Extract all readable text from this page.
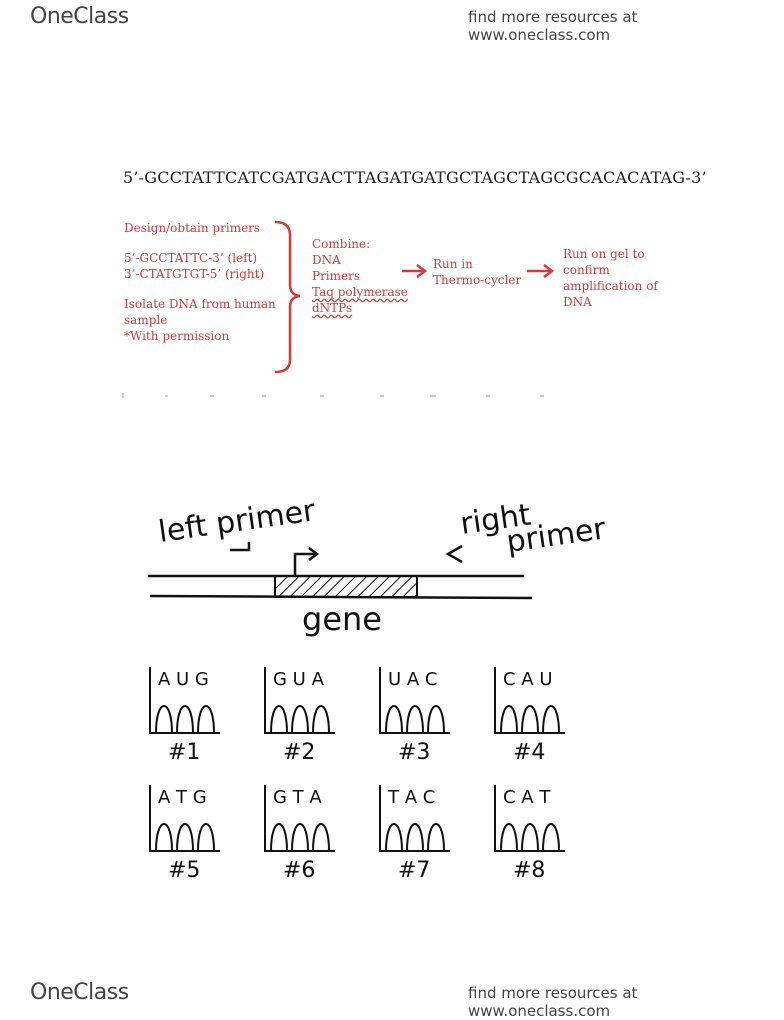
OneClass	find more resources at www.oneclass.com
5’-GCCTATTCATCGATGACTTAGATGATGCTAGCTAGCGCACACATAG-3’
Design/obtain primers
5’-GCCTATTC-3’ (left)
3’-CTATGTGT-5’ (right)
Isolate DNA from human
sample
*With permission
Combine:
DNA
Primers
Taq polymerase
dNTPs
Run in
Thermo-cycler
Run on gel to
confirm
amplification of
DNA
left primer	right
primer
gene
A U G
#1
G U A
#2
U A C
#3
C A U
#4
A T G
#5
G T A
#6
T A C
#7
C A T
#8
OneClass	find more resources at www.oneclass.com
